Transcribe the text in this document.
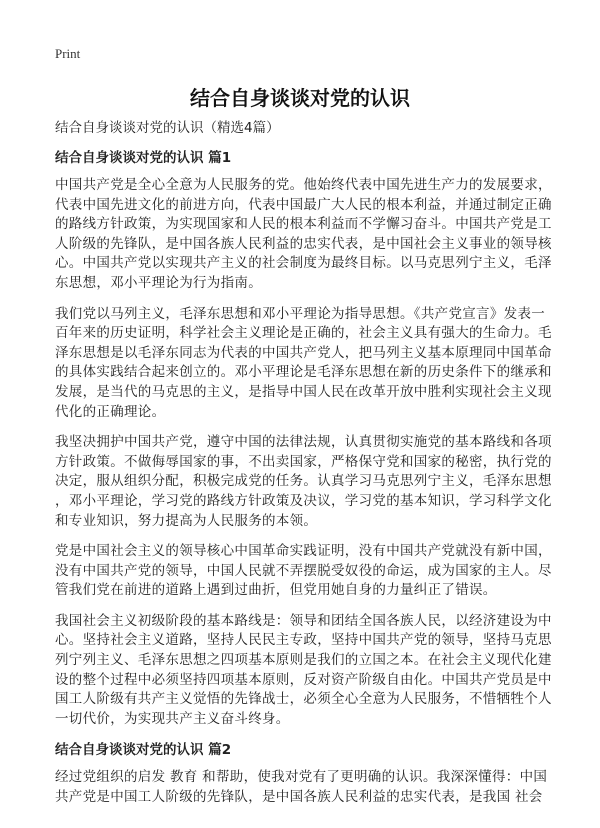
Print
结合自身谈谈对党的认识
结合自身谈谈对党的认识（精选4篇）
结合自身谈谈对党的认识 篇1
中国共产党是全心全意为人民服务的党。他始终代表中国先进生产力的发展要求，
代表中国先进文化的前进方向，代表中国最广大人民的根本利益，并通过制定正确
的路线方针政策，为实现国家和人民的根本利益而不学懈习奋斗。中国共产党是工
人阶级的先锋队，是中国各族人民利益的忠实代表，是中国社会主义事业的领导核
心。中国共产党以实现共产主义的社会制度为最终目标。以马克思列宁主义，毛泽
东思想，邓小平理论为行为指南。
我们党以马列主义，毛泽东思想和邓小平理论为指导思想。《共产党宣言》发表一
百年来的历史证明，科学社会主义理论是正确的，社会主义具有强大的生命力。毛
泽东思想是以毛泽东同志为代表的中国共产党人，把马列主义基本原理同中国革命
的具体实践结合起来创立的。邓小平理论是毛泽东思想在新的历史条件下的继承和
发展，是当代的马克思的主义，是指导中国人民在改革开放中胜利实现社会主义现
代化的正确理论。
我坚决拥护中国共产党，遵守中国的法律法规，认真贯彻实施党的基本路线和各项
方针政策。不做侮辱国家的事，不出卖国家，严格保守党和国家的秘密，执行党的
决定，服从组织分配，积极完成党的任务。认真学习马克思列宁主义，毛泽东思想
，邓小平理论，学习党的路线方针政策及决议，学习党的基本知识，学习科学文化
和专业知识，努力提高为人民服务的本领。
党是中国社会主义的领导核心中国革命实践证明，没有中国共产党就没有新中国，
没有中国共产党的领导，中国人民就不弄摆脱受奴役的命运，成为国家的主人。尽
管我们党在前进的道路上遇到过曲折，但党用她自身的力量纠正了错误。
我国社会主义初级阶段的基本路线是：领导和团结全国各族人民，以经济建设为中
心。坚持社会主义道路，坚持人民民主专政，坚持中国共产党的领导，坚持马克思
列宁列主义、毛泽东思想之四项基本原则是我们的立国之本。在社会主义现代化建
设的整个过程中必须坚持四项基本原则，反对资产阶级自由化。中国共产党员是中
国工人阶级有共产主义觉悟的先锋战士，必须全心全意为人民服务，不惜牺牲个人
一切代价，为实现共产主义奋斗终身。
结合自身谈谈对党的认识 篇2
经过党组织的启发 教育 和帮助，使我对党有了更明确的认识。我深深懂得：中国
共产党是中国工人阶级的先锋队，是中国各族人民利益的忠实代表，是我国 社会
